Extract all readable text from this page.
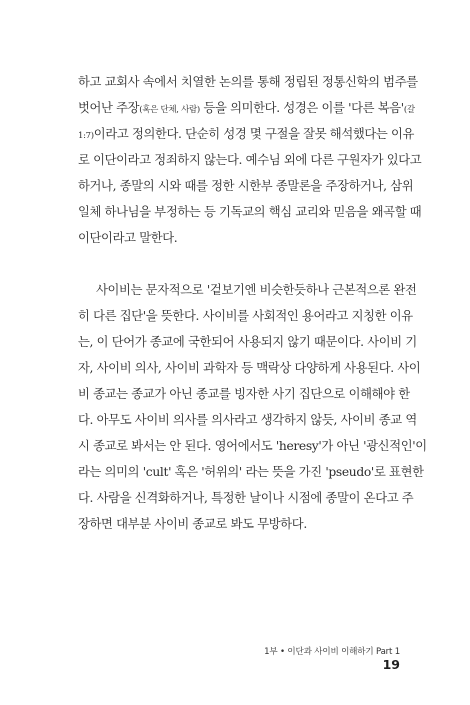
하고 교회사 속에서 치열한 논의를 통해 정립된 정통신학의 범주를
벗어난 주장(혹은 단체, 사람) 등을 의미한다. 성경은 이를 '다른 복음'(갈
1:7)이라고 정의한다. 단순히 성경 몇 구절을 잘못 해석했다는 이유
로 이단이라고 정죄하지 않는다. 예수님 외에 다른 구원자가 있다고
하거나, 종말의 시와 때를 정한 시한부 종말론을 주장하거나, 삼위
일체 하나님을 부정하는 등 기독교의 핵심 교리와 믿음을 왜곡할 때
이단이라고 말한다.
사이비는 문자적으로 '겉보기엔 비슷한듯하나 근본적으론 완전
히 다른 집단'을 뜻한다. 사이비를 사회적인 용어라고 지칭한 이유
는, 이 단어가 종교에 국한되어 사용되지 않기 때문이다. 사이비 기
자, 사이비 의사, 사이비 과학자 등 맥락상 다양하게 사용된다. 사이
비 종교는 종교가 아닌 종교를 빙자한 사기 집단으로 이해해야 한
다. 아무도 사이비 의사를 의사라고 생각하지 않듯, 사이비 종교 역
시 종교로 봐서는 안 된다. 영어에서도 'heresy'가 아닌 '광신적인'이
라는 의미의 'cult' 혹은 '허위의' 라는 뜻을 가진 'pseudo'로 표현한
다. 사람을 신격화하거나, 특정한 날이나 시점에 종말이 온다고 주
장하면 대부분 사이비 종교로 봐도 무방하다.
1부 • 이단과 사이비 이해하기 Part 1
19
